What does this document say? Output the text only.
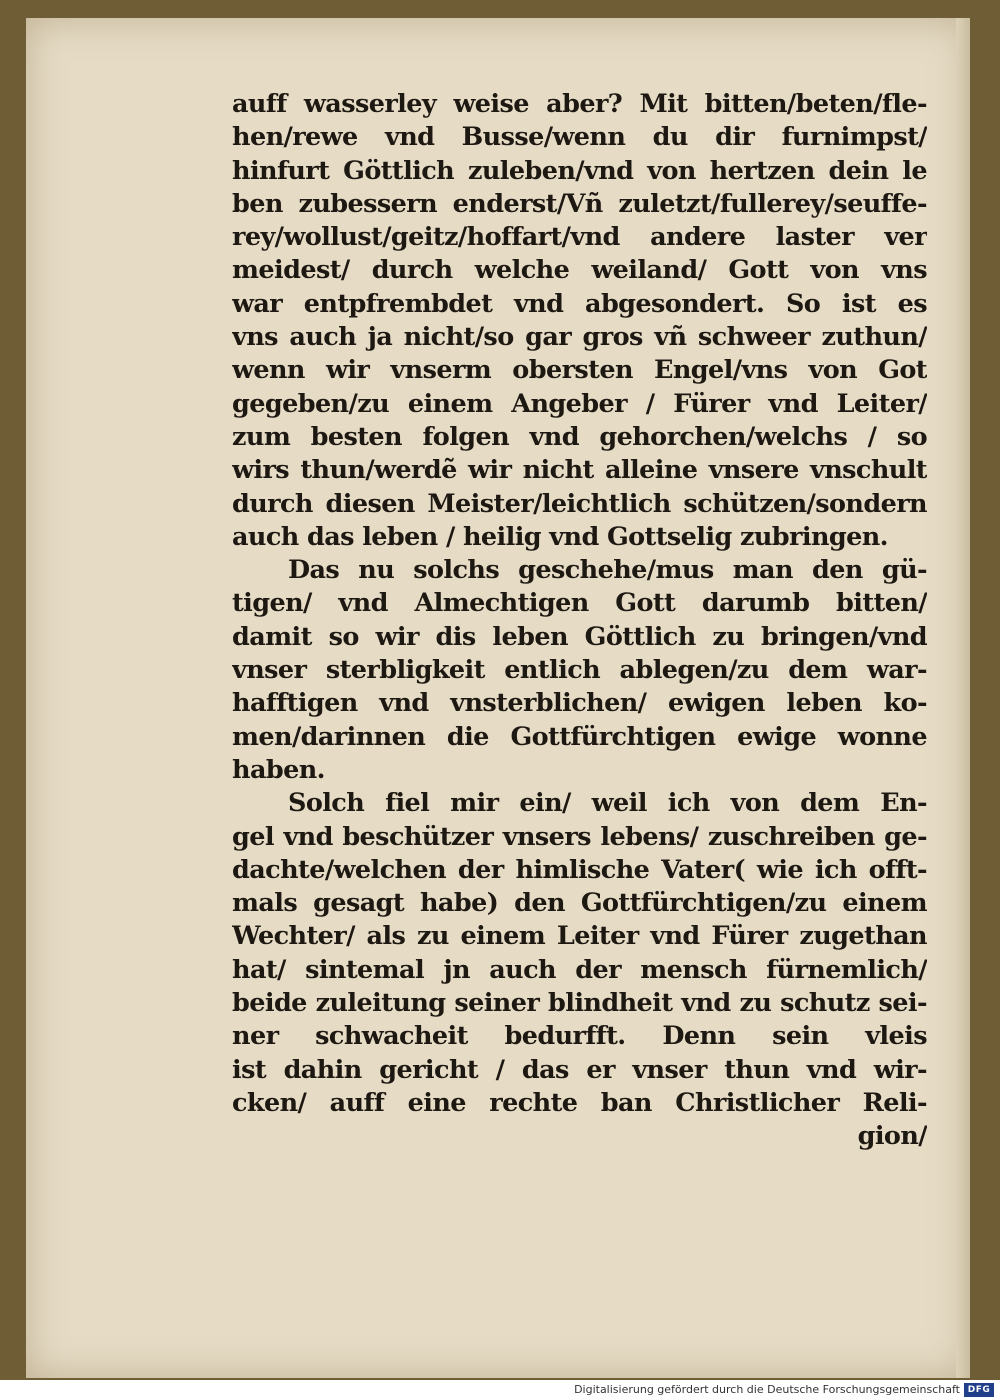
auff wasserley weise aber? Mit bitten/beten/fle-
hen/rewe vnd Busse/wenn du dir furnimpst/
hinfurt Göttlich zuleben/vnd von hertzen dein le
ben zubessern enderst/Vñ zuletzt/fullerey/seuffe-
rey/wollust/geitz/hoffart/vnd andere laster ver
meidest/ durch welche weiland/ Gott von vns
war entpfrembdet vnd abgesondert. So ist es
vns auch ja nicht/so gar gros vñ schweer zuthun/
wenn wir vnserm obersten Engel/vns von Got
gegeben/zu einem Angeber / Fürer vnd Leiter/
zum besten folgen vnd gehorchen/welchs / so
wirs thun/werdẽ wir nicht alleine vnsere vnschult
durch diesen Meister/leichtlich schützen/sondern
auch das leben / heilig vnd Gottselig zubringen.
Das nu solchs geschehe/mus man den gü-
tigen/ vnd Almechtigen Gott darumb bitten/
damit so wir dis leben Göttlich zu bringen/vnd
vnser sterbligkeit entlich ablegen/zu dem war-
hafftigen vnd vnsterblichen/ ewigen leben ko-
men/darinnen die Gottfürchtigen ewige wonne
haben.
Solch fiel mir ein/ weil ich von dem En-
gel vnd beschützer vnsers lebens/ zuschreiben ge-
dachte/welchen der himlische Vater( wie ich offt-
mals gesagt habe) den Gottfürchtigen/zu einem
Wechter/ als zu einem Leiter vnd Fürer zugethan
hat/ sintemal jn auch der mensch fürnemlich/
beide zuleitung seiner blindheit vnd zu schutz sei-
ner schwacheit bedurfft. Denn sein vleis
ist dahin gericht / das er vnser thun vnd wir-
cken/ auff eine rechte ban Christlicher Reli-
gion/
Digitalisierung gefördert durch die Deutsche Forschungsgemeinschaft DFG
